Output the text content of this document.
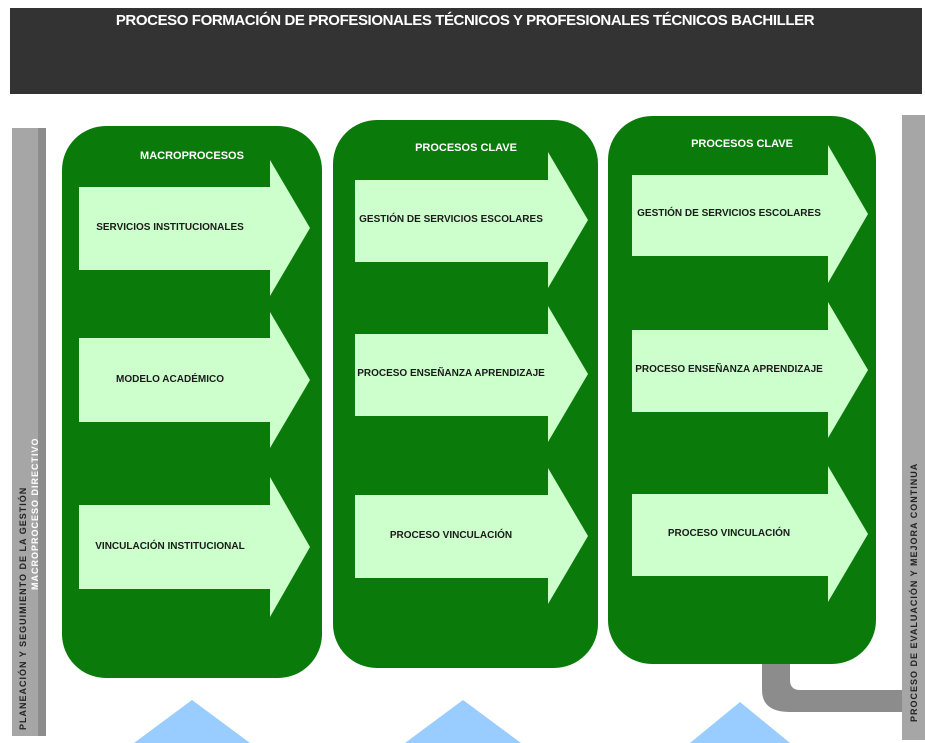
PROCESO FORMACIÓN DE PROFESIONALES TÉCNICOS Y PROFESIONALES TÉCNICOS BACHILLER
MACROPROCESOS
PROCESOS CLAVE	PROCESOS CLAVE
SERVICIOS INSTITUCIONALES
MODELO ACADÉMICO
VINCULACIÓN INSTITUCIONAL
GESTIÓN DE SERVICIOS ESCOLARES
PROCESO ENSEÑANZA APRENDIZAJE
PROCESO VINCULACIÓN
GESTIÓN DE SERVICIOS ESCOLARES
PROCESO ENSEÑANZA APRENDIZAJE
PROCESO VINCULACIÓN
PLANEACIÓN Y SEGUIMIENTO DE LA GESTIÓN MACROPROCESO DIRECTIVO	PROCESO DE EVALUACIÓN Y MEJORA CONTINUA
